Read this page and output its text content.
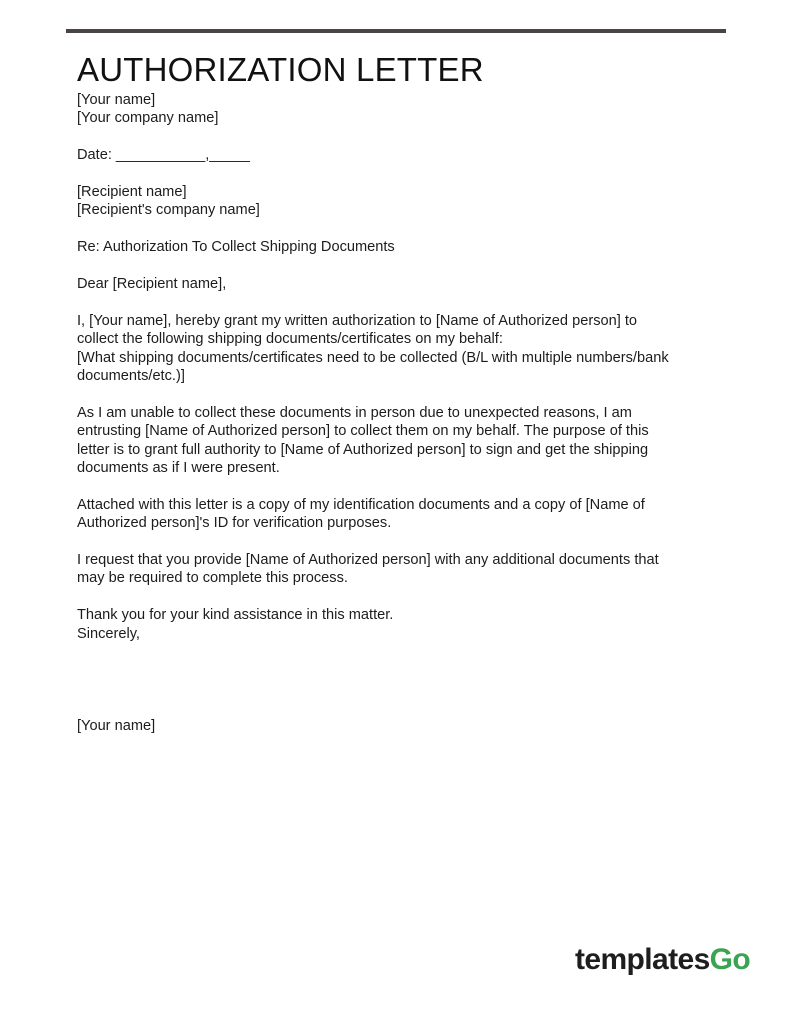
AUTHORIZATION LETTER
[Your name]
[Your company name]
Date: ___________,_____
[Recipient name]
[Recipient's company name]
Re: Authorization To Collect Shipping Documents
Dear [Recipient name],
I, [Your name], hereby grant my written authorization to [Name of Authorized person] to
collect the following shipping documents/certificates on my behalf:
[What shipping documents/certificates need to be collected (B/L with multiple numbers/bank
documents/etc.)]
As I am unable to collect these documents in person due to unexpected reasons, I am
entrusting [Name of Authorized person] to collect them on my behalf. The purpose of this
letter is to grant full authority to [Name of Authorized person] to sign and get the shipping
documents as if I were present.
Attached with this letter is a copy of my identification documents and a copy of [Name of
Authorized person]'s ID for verification purposes.
I request that you provide [Name of Authorized person] with any additional documents that
may be required to complete this process.
Thank you for your kind assistance in this matter.
Sincerely,
[Your name]
templatesGo
